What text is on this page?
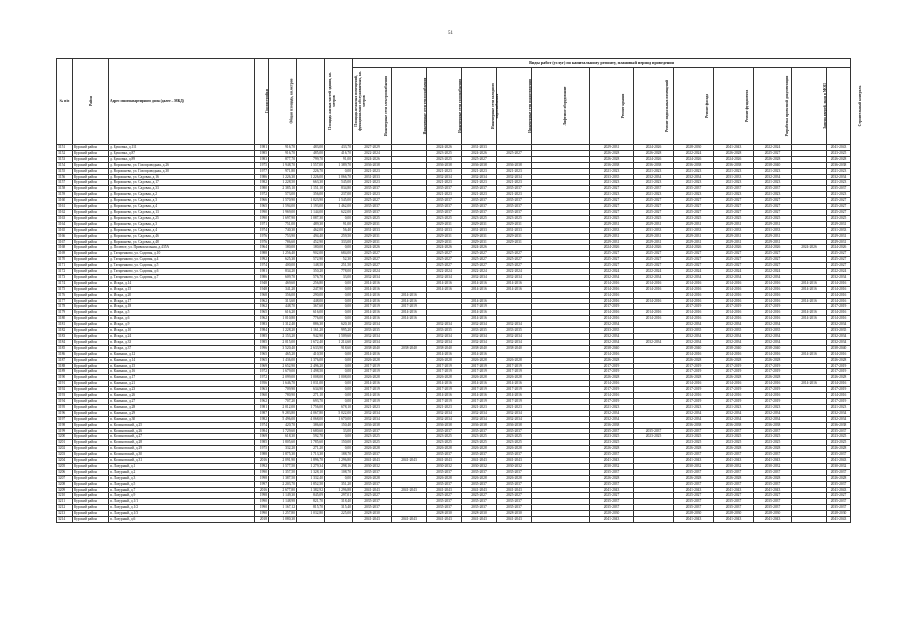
51
№ п/п	Район	Адрес многоквартирного дома (далее – МКД)	Год постройки	Общая площадь, кв.метров	Площадь жилых частей здания, кв. метров	Площадь нежилых помещений, функционально обслуживаемых, кв. метров	Виды работ (услуг) по капитальному ремонту, плановый период проведения												
							Инженерные сети электроснабжения	Инженерные сети теплоснабжения	Инженерные сети газоснабжения	Инженерные сети холодного водоснабжения	Инженерные сети водоотведения	Лифтовое оборудование	Ремонт крыши	Ремонт подвальных помещений	Ремонт фасада	Ремонт фундамента	Разработка проектной документации	Замена дверей, окон в МОП	Строительный контроль
3151	Курский район	д. Бушовка, д.111	1981	916,70	483,00	433,70	2027-2029		2024-2026	2031-2033			2029-2031	2024-2026	2028-2030	2041-2043	2022-2024		2041-2043
3152	Курский район	д. Бушовка, д.87	1985	916,70	485,00	416,70	2022-2024		2023-2025	2024-2026	2025-2027		2026-2028	2026-2028	2022-2024	2026-2028	2025-2027		2023-2025
3153	Курский район	д. Бушовка, д.89	1983	877,70	799,70	91,00	2024-2026		2023-2025	2025-2027			2026-2028	2024-2026	2024-2026	2024-2026	2026-2028		2026-2028
3154	Курский район	д. Ворошнево, ул. Газопроводная, д.26	1975	1 948,70	1 557,00	1 389,70	2036-2038		2036-2038	2036-2038	2036-2038		2036-2038	2036-2038	2036-2038	2036-2038	2038-2040		2036-2038
3155	Курский район	д. Ворошнево, ул. Газопроводная, д.30	1977	971,80	226,70	0,00	2021-2023		2021-2023	2021-2023	2021-2023		2021-2023	2021-2023	2021-2023	2021-2023	2021-2023		2021-2023
3156	Курский район	д. Ворошнево, ул. Садовая, д.16	1986	1 226,30	1 226,00	1 066,70	2031-2033		2032-2034	2032-2034	2032-2034		2033-2035	2032-2034	2032-2034	2031-2033	2032-2034		2032-2034
3157	Курский район	д. Ворошнево, ул. Садовая, д.17	1982	1 228,50	663,30	545,00	2021-2023		2021-2023	2021-2023	2021-2023		2021-2023	2021-2023	2021-2023	2021-2023	2021-2023		2021-2023
3158	Курский район	д. Ворошнево, ул. Садовая, д.33	1980	2 385,10	1 151,10	834,80	2035-2037		2035-2037	2035-2037	2035-2037		2025-2027	2035-2037	2035-2037	2035-2037	2035-2037		2035-2037
3159	Курский район	д. Ворошнево, ул. Садовая, д.2	1972	573,00	356,00	237,00	2021-2023		2021-2023	2021-2023	2021-2023		2021-2023	2021-2023	2021-2023	2021-2023	2021-2023		2021-2023
3160	Курский район	д. Ворошнево, ул. Садовая, д.3	1966	1 570,90	1 023,90	1 545,00	2025-2027		2035-2037	2035-2037	2035-2037		2025-2027	2025-2027	2025-2027	2025-2027	2025-2027		2025-2027
3161	Курский район	д. Ворошнево, ул. Садовая, д.4	1965	1 594,00	1 193,00	1 462,00	2035-2037		2035-2037	2035-2037	2035-2037		2025-2027	2025-2027	2025-2027	2025-2027	2025-2027		2025-2027
3162	Курский район	д. Ворошнево, ул. Садовая, д.13	1990	1 969,00	1 144,00	622,00	2035-2037		2035-2037	2035-2037	2035-2037		2025-2027	2025-2027	2025-2027	2025-2027	2025-2027		2025-2027
3163	Курский район	д. Ворошнево, ул. Садовая, д.25	1990	1 697,90	1 087,30	0,00	2023-2025		2023-2025	2023-2025	2023-2025		2023-2025	2023-2025	2023-2025	2023-2025	2023-2025		2023-2025
3164	Курский район	д. Ворошнево, ул. Садовая, д.3	1971	751,00	489,30	91,00	2029-2031		2029-2031	2029-2031	2029-2031		2029-2031	2029-2031	2029-2031	2029-2031	2029-2031		2029-2031
3165	Курский район	д. Ворошнево, ул. Садовая, д.4	1974	740,30	462,00	56,40	2031-2033		2031-2033	2031-2033	2031-2033		2031-2033	2031-2033	2031-2033	2031-2033	2031-2033		2031-2033
3166	Курский район	д. Ворошнево, ул. Садовая, д.46	1976	753,90	494,40	259,50	2029-2031		2029-2031	2029-2031	2029-2031		2029-2031	2029-2031	2029-2031	2029-2031	2029-2031		2029-2031
3167	Курский район	д. Ворошнево, ул. Садовая, д.48	1976	786,60	452,90	333,00	2029-2031		2029-2031	2029-2031	2029-2031		2029-2031	2029-2031	2029-2031	2029-2031	2029-2031		2029-2031
3168	Курский район	д. Полевое, ул. Привокзальная, д.435А	1964	180,00	180,00	0,00	2024-2026		2024-2026	2024-2026			2024-2026	2024-2026	2024-2026	2024-2026	2024-2026	2024-2026	2024-2026
3169	Курский район	д. Татаренково, ул. Садовая, д.10	1988	1 256,40	902,00	684,00	2025-2027		2025-2027	2025-2027	2025-2027		2025-2027	2025-2027	2025-2027	2025-2027	2025-2027		2025-2027
3170	Курский район	д. Татаренково, ул. Садовая, д.4	1992	625,30	572,90	52,30	2025-2027		2025-2027	2025-2027	2025-2027		2025-2027	2025-2027	2025-2027	2025-2027	2025-2027		2025-2027
3171	Курский район	д. Татаренково, ул. Садовая, д.5	1974	400,00	148,50	251,50	2025-2027		2025-2027	2025-2027	2025-2027		2025-2027	2025-2027	2025-2027	2025-2027	2025-2027		2025-2027
3172	Курский район	д. Татаренково, ул. Садовая, д.6	1981	834,20	350,20	778,00	2022-2024		2022-2024	2022-2024	2022-2024		2022-2024	2022-2024	2022-2024	2022-2024	2022-2024		2022-2024
3173	Курский район	д. Татаренково, ул. Садовая, д.7	1986	609,70	576,70	33,00	2032-2034		2032-2034	2032-2034	2032-2034		2032-2034	2032-2034	2032-2034	2032-2034	2032-2034		2032-2034
3174	Курский район	п. Искра, д.14	1948	469,60	256,80	0,00	2014-2016		2014-2016	2014-2016	2014-2016		2014-2016	2014-2016	2014-2016	2014-2016	2014-2016	2014-2016	2014-2016
3175	Курский район	п. Искра, д.15	1948	341,20	247,90	0,00	2014-2016		2014-2016	2014-2016	2014-2016		2014-2016	2014-2016	2014-2016	2014-2016	2014-2016	2014-2016	2014-2016
3176	Курский район	п. Искра, д.20	1968	356,00	290,00	0,00	2014-2016	2014-2016					2014-2016		2014-2016	2014-2016	2014-2016		2014-2016
3177	Курский район	п. Искра, д.17	1962	313,60	448,00	0,00	2014-2016	2014-2016		2014-2016			2014-2016	2014-2016	2014-2016	2014-2016	2014-2016	2014-2016	2014-2016
3178	Курский район	п. Искра, д.18	1962	448,70	367,60	0,00	2017-2019	2017-2019		2017-2019			2017-2019		2017-2019	2017-2019	2017-2019		2017-2019
3179	Курский район	п. Искра, д.5	1965	616,20	616,00	0,00	2014-2016	2014-2016		2014-2016			2014-2016	2014-2016	2014-2016	2014-2016	2014-2016	2014-2016	2014-2016
3180	Курский район	п. Искра, д.6	1962	1 010,80	776,00	0,00	2014-2016	2014-2016		2014-2016			2014-2016	2014-2016	2014-2016	2014-2016	2014-2016	2014-2016	2014-2016
3181	Курский район	п. Искра, д.9	1983	1 312,40	886,30	620,10	2032-2034		2032-2034	2032-2034	2032-2034		2032-2034		2032-2034	2032-2034	2032-2034		2032-2034
3182	Курский район	п. Искра, д.10	1984	1 228,20	1 161,20	995,20	2033-2035		2033-2035	2033-2035	2033-2035		2033-2035		2033-2035	2033-2035	2033-2035		2033-2035
3183	Курский район	п. Искра, д.24	1985	2 153,20	942,90	1 509,60	2032-2034		2032-2034	2032-2034	2032-2034		2032-2034		2032-2034	2032-2034	2032-2034		2032-2034
3184	Курский район	п. Искра, д.33	1985	2 015,00	1 672,40	1 214,60	2032-2034		2032-2034	2032-2034	2032-2034		2032-2034	2032-2034	2032-2034	2032-2034	2032-2034		2032-2034
3185	Курский район	п. Искра, д.37	1996	3 520,40	2 633,90	918,60	2038-2040	2038-2040	2038-2040	2038-2040	2038-2040		2038-2040		2038-2040	2038-2040	2038-2040		2038-2040
3186	Курский район	п. Камыши, д.12	1965	465,20	410,50	0,00	2014-2016		2014-2016	2014-2016			2014-2016		2014-2016	2014-2016	2014-2016	2014-2016	2014-2016
3187	Курский район	п. Камыши, д.14	1965	1 436,00	1 376,00	0,00	2026-2028		2026-2028	2026-2028	2026-2028		2026-2028		2026-2028	2026-2028	2026-2028		2026-2028
3188	Курский район	п. Камыши, д.15	1969	2 652,90	2 496,20	0,00	2017-2019		2017-2019	2017-2019	2017-2019		2017-2019		2017-2019	2017-2019	2017-2019		2017-2019
3189	Курский район	п. Камыши, д.16	1972	1 679,00	1 498,50	0,00	2017-2019		2017-2019	2017-2019	2017-2019		2017-2019		2017-2019	2017-2019	2017-2019		2017-2019
3190	Курский район	п. Камыши, д.17	1972	2 099,00	1 008,00	1 008,00	2026-2028		2026-2028	2026-2028	2026-2028		2026-2028		2026-2028	2026-2028	2026-2028		2026-2028
3191	Курский район	п. Камыши, д.21	1956	1 646,70	1 031,00	0,00	2014-2016		2014-2016	2014-2016	2014-2016		2014-2016		2014-2016	2014-2016	2014-2016	2014-2016	2014-2016
3192	Курский район	п. Камыши, д.23	1963	709,90	634,90	0,00	2017-2019		2017-2019	2017-2019	2017-2019		2017-2019		2017-2019	2017-2019	2017-2019		2017-2019
3193	Курский район	п. Камыши, д.26	1960	780,90	271,10	0,00	2014-2016		2014-2016	2014-2016	2014-2016		2014-2016		2014-2016	2014-2016	2014-2016		2014-2016
3194	Курский район	п. Камыши, д.27	1962	707,20	693,70	0,00	2017-2019		2017-2019	2017-2019	2017-2019		2017-2019		2017-2019	2017-2019	2017-2019		2017-2019
3195	Курский район	п. Камыши, д.28	1981	2 012,00	1 756,00	678,10	2021-2023		2021-2023	2021-2023	2021-2023		2021-2023		2021-2023	2021-2023	2021-2023		2021-2023
3196	Курский район	п. Камыши, д.29	1987	9 283,80	4 067,80	5 022,00	2032-2034		2032-2034	2032-2034	2032-2034		2032-2034		2032-2034	2032-2034	2032-2034		2032-2034
3197	Курский район	п. Камыши, д.30	1982	5 496,00	4 068,00	1 670,00	2032-2034		2032-2034	2032-2034	2032-2034		2032-2034		2032-2034	2032-2034	2032-2034		2032-2034
3198	Курский район	п. Косиновский, д.25	1974	420,70	386,60	150,40	2036-2038		2036-2038	2036-2038	2036-2038		2036-2038		2036-2038	2036-2038	2036-2038		2036-2038
3199	Курский район	п. Косиновский, д.26	1984	1 729,60	1 680,60	33,00	2035-2037		2035-2037	2035-2037	2035-2037		2035-2037	2035-2037	2035-2037	2035-2037	2035-2037		2035-2037
3200	Курский район	п. Косиновский, д.27	1969	618,30	592,70	0,00	2023-2025		2023-2025	2023-2025	2023-2025		2023-2025	2023-2025	2023-2025	2023-2025	2023-2025		2023-2025
3201	Курский район	п. Косиновский, д.28	1985	1 805,60	1 785,60	150,00	2023-2025		2023-2025	2023-2025	2023-2025		2023-2025		2023-2025	2023-2025	2023-2025		2023-2025
3202	Курский район	п. Косиновский, д.29	1975	332,20	271,20	0,00	2026-2028		2026-2028	2026-2028	2026-2028		2026-2028		2026-2028	2026-2028	2026-2028		2026-2028
3203	Курский район	п. Косиновский, д.30	1988	1 875,30	1 713,30	188,70	2035-2037		2035-2037	2035-2037	2035-2037		2035-2037		2035-2037	2035-2037	2035-2037		2035-2037
3204	Курский район	п. Косиновский, д.31	2016	2 091,90	1 896,70	1 296,80	2041-2043	2041-2043	2041-2043	2041-2043	2041-2043		2041-2043		2041-2043	2041-2043	2041-2043		2041-2043
3205	Курский район	п. Лазурный, д.1	1992	1 577,50	1 279,34	298,16	2030-2032		2030-2032	2030-2032	2030-2032		2030-2032		2030-2032	2030-2032	2030-2032		2030-2032
3206	Курский район	п. Лазурный, д.2	1990	1 357,50	1 328,10	108,70	2035-2037		2035-2037	2035-2037	2035-2037		2035-2037		2035-2037	2035-2037	2035-2037		2035-2037
3207	Курский район	п. Лазурный, д.3	1998	1 387,50	1 332,40	0,00	2026-2028		2026-2028	2026-2028	2026-2028		2026-2028		2026-2028	2026-2028	2026-2028		2026-2028
3208	Курский район	п. Лазурный, д.5	1997	2 203,70	1 852,50	351,20	2035-2037		2035-2037	2035-2037	2035-2037		2035-2037		2035-2037	2035-2037	2035-2037		2035-2037
3209	Курский район	п. Лазурный, д.7	2016	2 677,80	1 382,92	1 296,88	2041-2043	2041-2043	2041-2043	2041-2043	2041-2043		2041-2043		2041-2043	2041-2043	2041-2043		2041-2043
3210	Курский район	п. Лазурный, д.9	1998	1 149,30	845,09	297,01	2025-2027		2025-2027	2025-2027	2025-2027		2025-2027		2025-2027	2025-2027	2025-2027		2025-2027
3211	Курский район	п. Лазурный, д.1/1	1990	1 148,98	821,70	318,40	2035-2037		2035-2037	2035-2037	2035-2037		2035-2037		2035-2037	2035-2037	2035-2037		2035-2037
3212	Курский район	п. Лазурный, д.1/2	1990	1 167,12	815,70	315,40	2035-2037		2035-2037	2035-2037	2035-2037		2035-2037		2035-2037	2035-2037	2035-2037		2035-2037
3213	Курский район	п. Лазурный, д.1/3	1990	1 257,80	1 032,80	225,00	2028-2030		2028-2030	2028-2030	2028-2030		2028-2030		2028-2030	2028-2030	2028-2030		2028-2030
3214	Курский район	п. Лазурный, д.6	2018	1 080,30			2041-2043	2041-2043	2041-2043	2041-2043	2041-2043		2041-2043		2041-2043	2041-2043	2041-2043		2041-2043
